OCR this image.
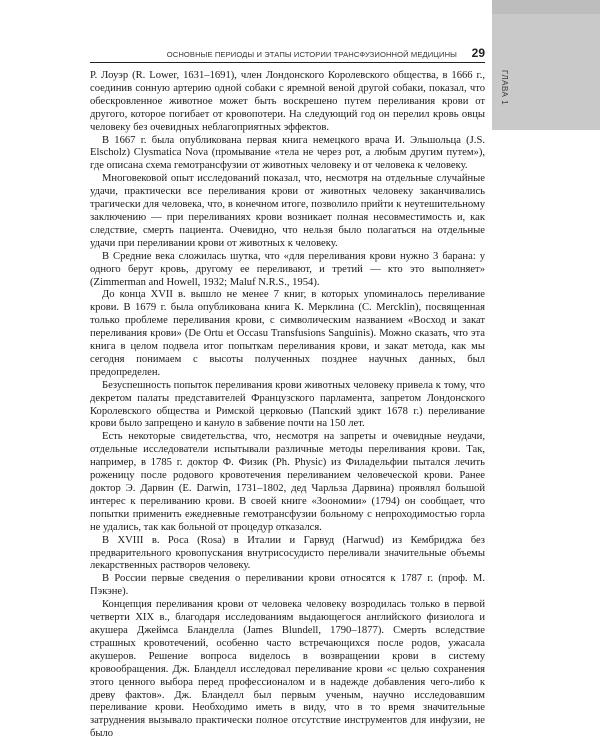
ГЛАВА 1
ОСНОВНЫЕ ПЕРИОДЫ И ЭТАПЫ ИСТОРИИ ТРАНСФУЗИОННОЙ МЕДИЦИНЫ 29

Р. Лоуэр (R. Lower, 1631–1691), член Лондонского Королевского общества, в 1666 г., соединив сонную артерию одной собаки с яремной веной другой собаки, показал, что обескровленное животное может быть воскрешено путем переливания крови от другого, которое погибает от кровопотери. На следующий год он перелил кровь овцы человеку без очевидных неблагоприятных эффектов.

В 1667 г. была опубликована первая книга немецкого врача И. Эльшольца (J.S. Elscholz) Clysmatica Nova (промывание «тела не через рот, а любым другим путем»), где описана схема гемотрансфузии от животных человеку и от человека к человеку.

Многовековой опыт исследований показал, что, несмотря на отдельные случайные удачи, практически все переливания крови от животных человеку заканчивались трагически для человека, что, в конечном итоге, позволило прийти к неутешительному заключению — при переливаниях крови возникает полная несовместимость и, как следствие, смерть пациента. Очевидно, что нельзя было полагаться на отдельные удачи при переливании крови от животных к человеку.

В Средние века сложилась шутка, что «для переливания крови нужно 3 барана: у одного берут кровь, другому ее переливают, и третий — кто это выполняет» (Zimmerman and Howell, 1932; Maluf N.R.S., 1954).

До конца XVII в. вышло не менее 7 книг, в которых упоминалось переливание крови. В 1679 г. была опубликована книга К. Мерклина (C. Mercklin), посвященная только проблеме переливания крови, с символическим названием «Восход и закат переливания крови» (De Ortu et Occasu Transfusions Sanguinis). Можно сказать, что эта книга в целом подвела итог попыткам переливания крови, и закат метода, как мы сегодня понимаем с высоты полученных позднее научных данных, был предопределен.

Безуспешность попыток переливания крови животных человеку привела к тому, что декретом палаты представителей Французского парламента, запретом Лондонского Королевского общества и Римской церковью (Папский эдикт 1678 г.) переливание крови было запрещено и кануло в забвение почти на 150 лет.

Есть некоторые свидетельства, что, несмотря на запреты и очевидные неудачи, отдельные исследователи испытывали различные методы переливания крови. Так, например, в 1785 г. доктор Ф. Физик (Ph. Physic) из Филадельфии пытался лечить роженицу после родового кровотечения переливанием человеческой крови. Ранее доктор Э. Дарвин (E. Darwin, 1731–1802, дед Чарльза Дарвина) проявлял большой интерес к переливанию крови. В своей книге «Зоономии» (1794) он сообщает, что попытки применить ежедневные гемотрансфузии больному с непроходимостью горла не удались, так как больной от процедур отказался.

В XVIII в. Роса (Rosa) в Италии и Гарвуд (Harwud) из Кембриджа без предварительного кровопускания внутрисосудисто переливали значительные объемы лекарственных растворов человеку.

В России первые сведения о переливании крови относятся к 1787 г. (проф. М. Пэкэне).

Концепция переливания крови от человека человеку возродилась только в первой четверти XIX в., благодаря исследованиям выдающегося английского физиолога и акушера Джеймса Бланделла (James Blundell, 1790–1877). Смерть вследствие страшных кровотечений, особенно часто встречающихся после родов, ужасала акушеров. Решение вопроса виделось в возвращении крови в систему кровообращения. Дж. Бланделл исследовал переливание крови «с целью сохранения этого ценного выбора перед профессионалом и в надежде добавления чего-либо к древу фактов». Дж. Бланделл был первым ученым, научно исследовавшим переливание крови. Необходимо иметь в виду, что в то время значительные затруднения вызывало практически полное отсутствие инструментов для инфузии, не было
